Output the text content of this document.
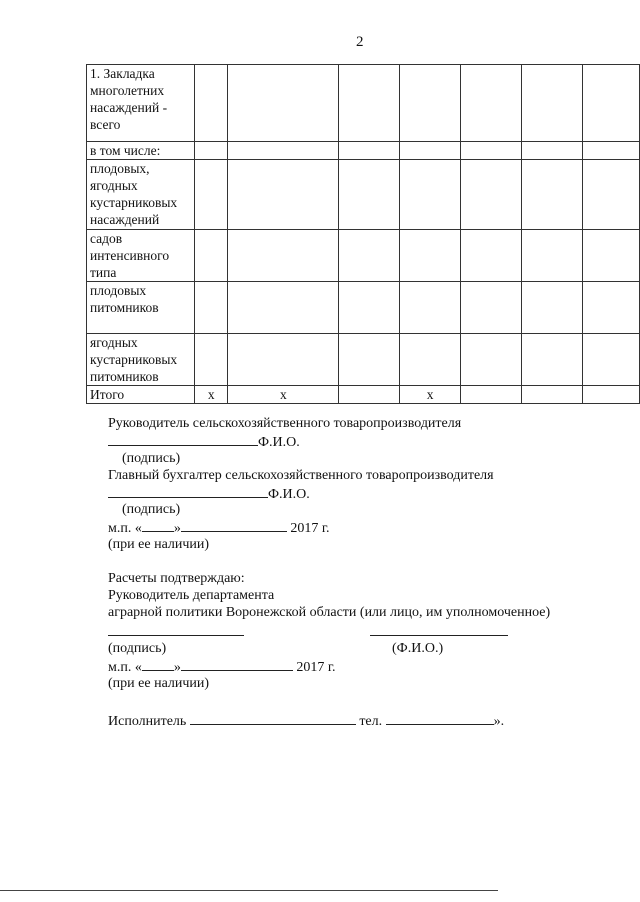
2
1. Закладка многолетних насаждений - всего							
в том числе:							
плодовых, ягодных кустарниковых насаждений							
садов интенсивного типа							
плодовых питомников							
ягодных кустарниковых питомников							
Итого	х	х		х			
Руководитель сельскохозяйственного товаропроизводителя
Ф.И.О.
(подпись)
Главный бухгалтер сельскохозяйственного товаропроизводителя
Ф.И.О.
(подпись)
м.п. « »	2017 г.
(при ее наличии)
Расчеты подтверждаю:
Руководитель департамента
аграрной политики Воронежской области (или лицо, им уполномоченное)
(подпись)	(Ф.И.О.)
м.п. « »	2017 г.
(при ее наличии)
Исполнитель	тел.	».
